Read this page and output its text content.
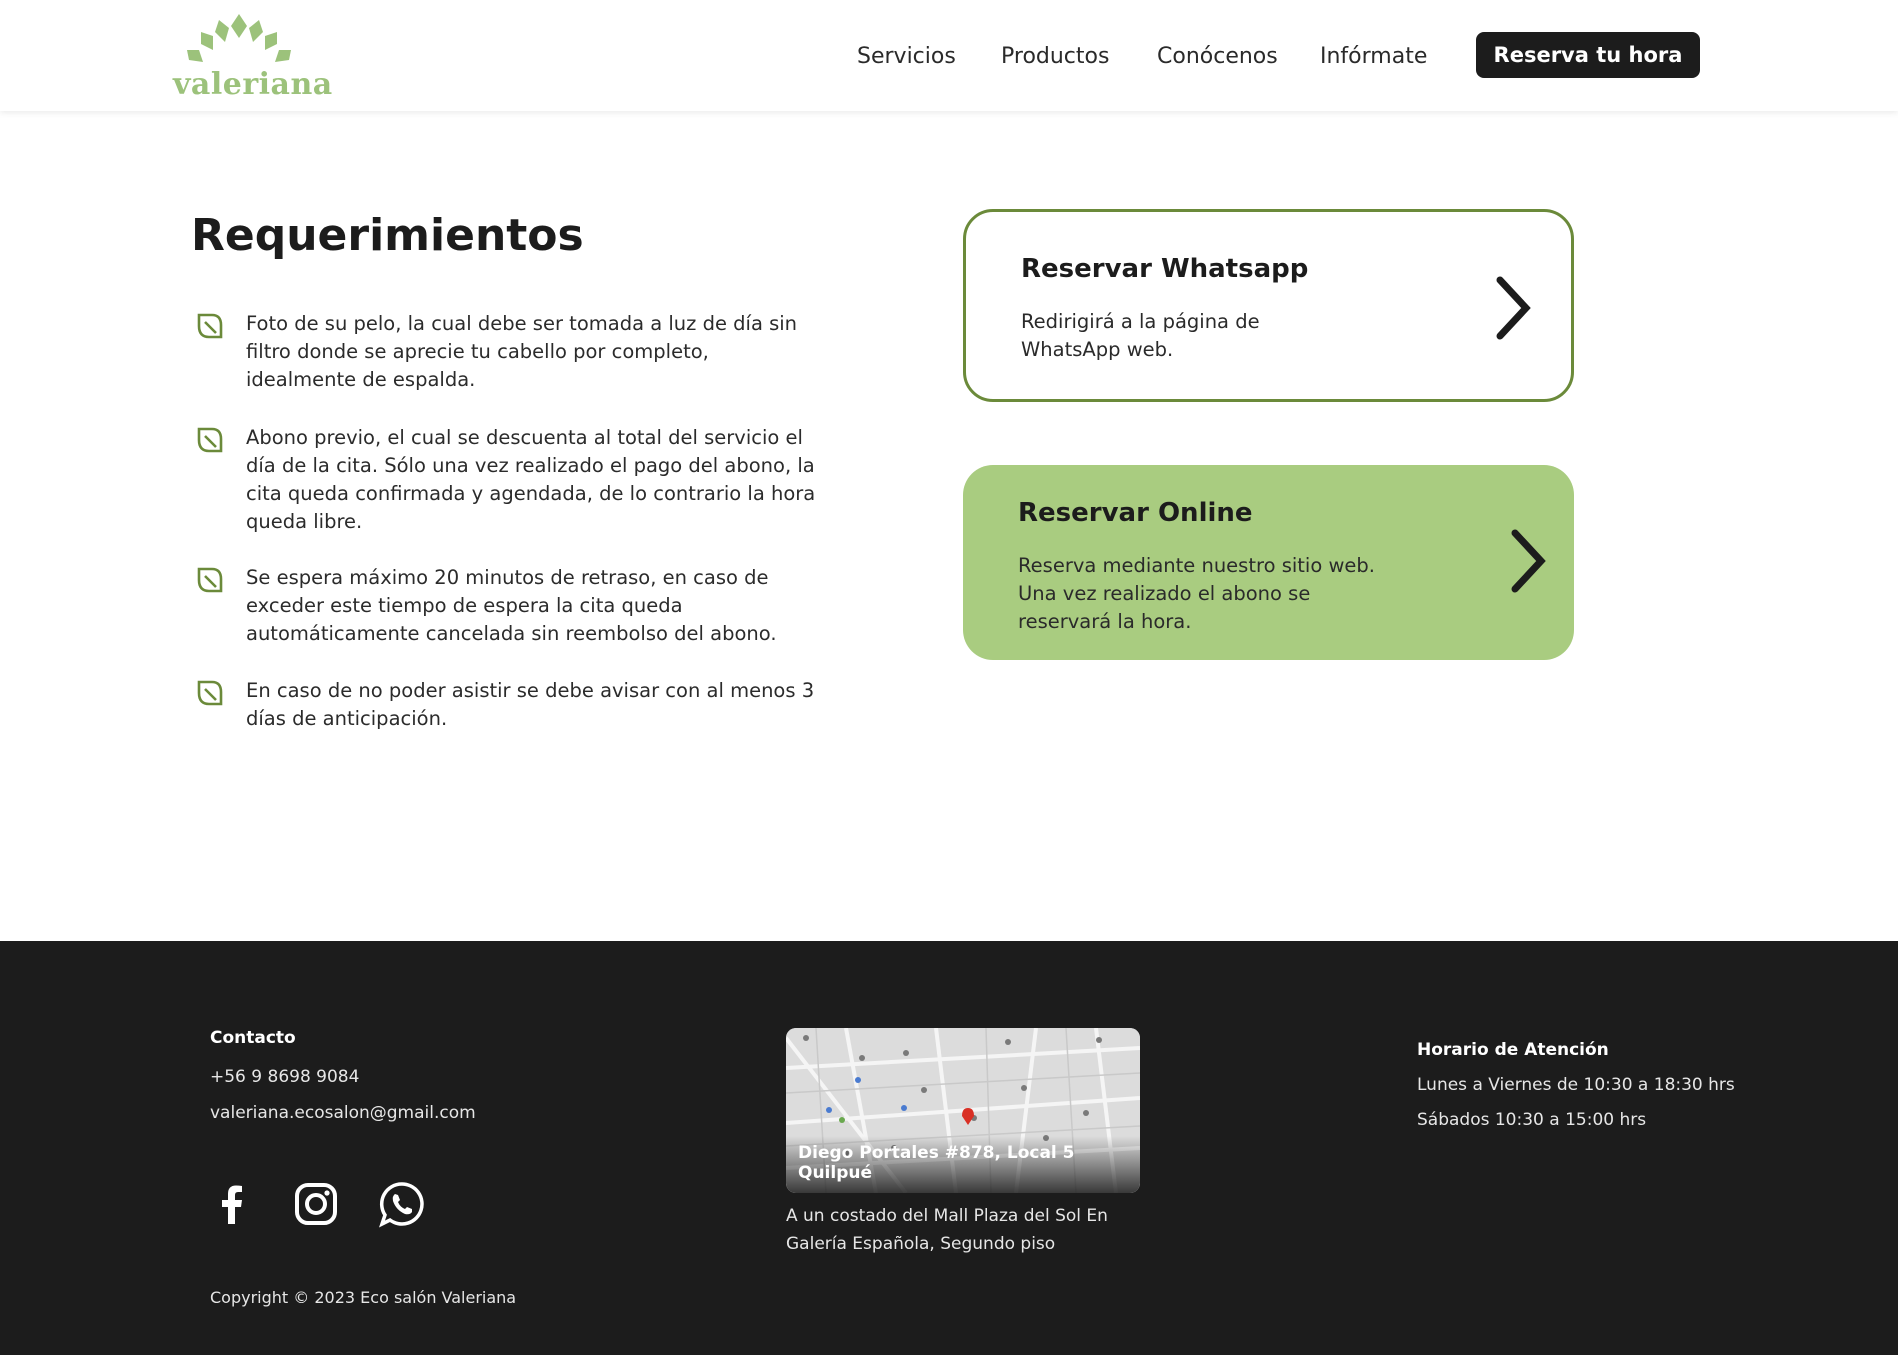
valeriana
Servicios Productos Conócenos Infórmate	Reserva tu hora
Requerimientos
Foto de su pelo, la cual debe ser tomada a luz de día sin filtro donde se aprecie tu cabello por completo, idealmente de espalda.
Abono previo, el cual se descuenta al total del servicio el día de la cita. Sólo una vez realizado el pago del abono, la cita queda confirmada y agendada, de lo contrario la hora queda libre.
Se espera máximo 20 minutos de retraso, en caso de exceder este tiempo de espera la cita queda automáticamente cancelada sin reembolso del abono.
En caso de no poder asistir se debe avisar con al menos 3 días de anticipación.
Reservar Whatsapp
Redirigirá a la página de WhatsApp web.
Reservar Online
Reserva mediante nuestro sitio web. Una vez realizado el abono se reservará la hora.
Contacto
+56 9 8698 9084
valeriana.ecosalon@gmail.com
Diego Portales #878, Local 5 Quilpué
A un costado del Mall Plaza del Sol En Galería Española, Segundo piso
Horario de Atención
Lunes a Viernes de 10:30 a 18:30 hrs
Sábados 10:30 a 15:00 hrs
Copyright © 2023 Eco salón Valeriana
